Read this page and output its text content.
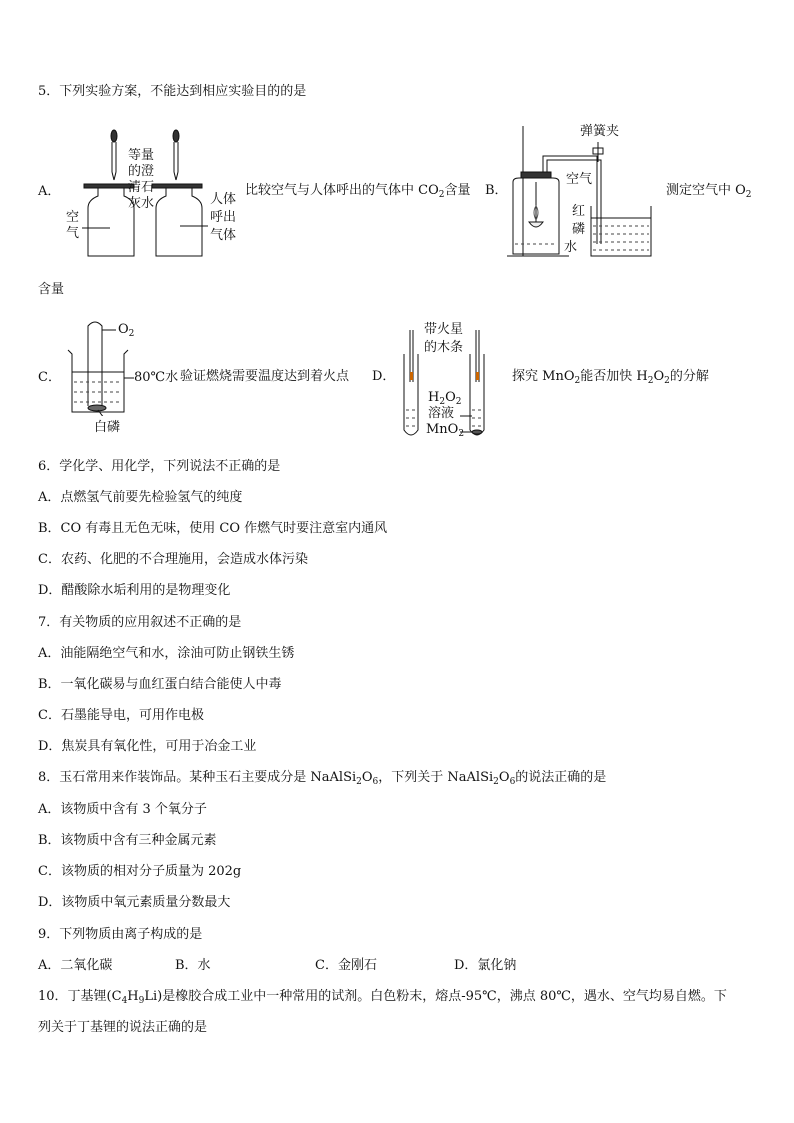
5．下列实验方案，不能达到相应实验目的的是
A．
等量
的澄
清石
灰水
空
气
人体
呼出
气体
比较空气与人体呼出的气体中 $CO_2$含量 B．
弹簧夹
空气
红
磷
水
测定空气中 $O_2$
含量
C．
$O_2$
80℃水
白磷
验证燃烧需要温度达到着火点 D．
带火星
的木条
$H_2O_2$
溶液
MnO$_2$
探究 MnO$_2$能否加快 $H_2O_2$的分解
6．学化学、用化学，下列说法不正确的是
A．点燃氢气前要先检验氢气的纯度
B．CO 有毒且无色无味，使用 CO 作燃气时要注意室内通风
C．农药、化肥的不合理施用，会造成水体污染
D．醋酸除水垢利用的是物理变化
7．有关物质的应用叙述不正确的是
A．油能隔绝空气和水，涂油可防止钢铁生锈
B．一氧化碳易与血红蛋白结合能使人中毒
C．石墨能导电，可用作电极
D．焦炭具有氧化性，可用于冶金工业
8．玉石常用来作装饰品。某种玉石主要成分是 $NaAlSi_2O_6$，下列关于 $NaAlSi_2O_6$的说法正确的是
A．该物质中含有 3 个氧分子
B．该物质中含有三种金属元素
C．该物质的相对分子质量为 202g
D．该物质中氧元素质量分数最大
9．下列物质由离子构成的是
A．二氧化碳	B．水	C．金刚石	D．氯化钠
10．丁基锂$(C_4H_9Li)$是橡胶合成工业中一种常用的试剂。白色粉末，熔点-95℃，沸点 80℃，遇水、空气均易自燃。下
列关于丁基锂的说法正确的是
